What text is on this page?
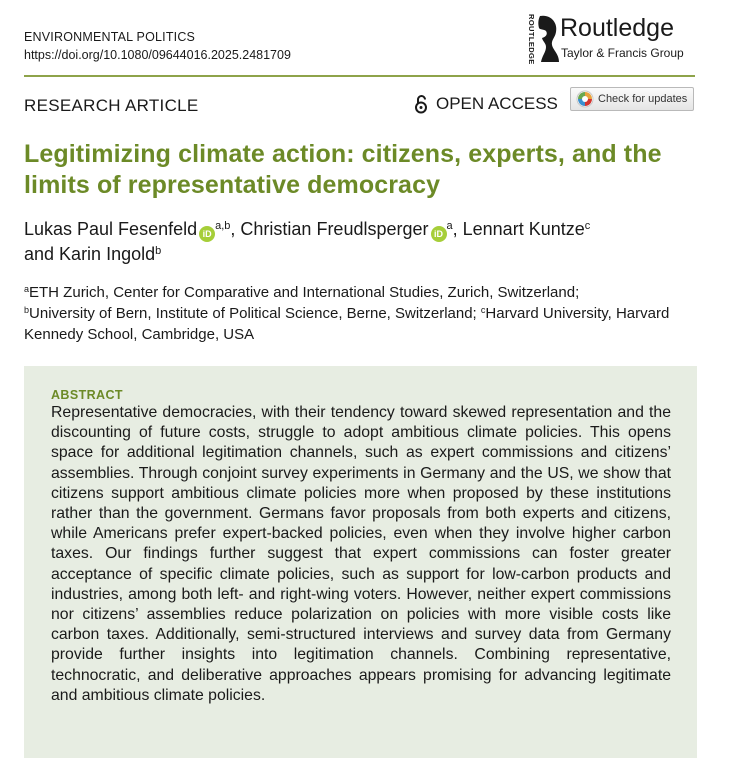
ENVIRONMENTAL POLITICS
https://doi.org/10.1080/09644016.2025.2481709	ROUTLEDGE Routledge
Taylor & Francis Group
RESEARCH ARTICLE	OPEN ACCESS	Check for updates
Legitimizing climate action: citizens, experts, and the limits of representative democracy
Lukas Paul Fesenfeld iD$^{a,b}$, Christian Freudlsperger $iD^a$, Lennart Kuntze$^c$
and Karin Ingold$^b$
$^a$ETH Zurich, Center for Comparative and International Studies, Zurich, Switzerland;
$^b$University of Bern, Institute of Political Science, Berne, Switzerland; $^c$Harvard University, Harvard Kennedy School, Cambridge, USA
ABSTRACT
Representative democracies, with their tendency toward skewed representation and the discounting of future costs, struggle to adopt ambitious climate policies. This opens space for additional legitimation channels, such as expert commissions and citizens’ assemblies. Through conjoint survey experiments in Germany and the US, we show that citizens support ambitious climate policies more when proposed by these institutions rather than the government. Germans favor proposals from both experts and citizens, while Americans prefer expert-backed policies, even when they involve higher carbon taxes. Our findings further suggest that expert commissions can foster greater acceptance of specific climate policies, such as support for low-carbon products and industries, among both left- and right-wing voters. However, neither expert commissions nor citizens’ assemblies reduce polarization on policies with more visible costs like carbon taxes. Additionally, semi-structured interviews and survey data from Germany provide further insights into legitimation channels. Combining representative, technocratic, and deliberative approaches appears promising for advancing legitimate and ambitious climate policies.
